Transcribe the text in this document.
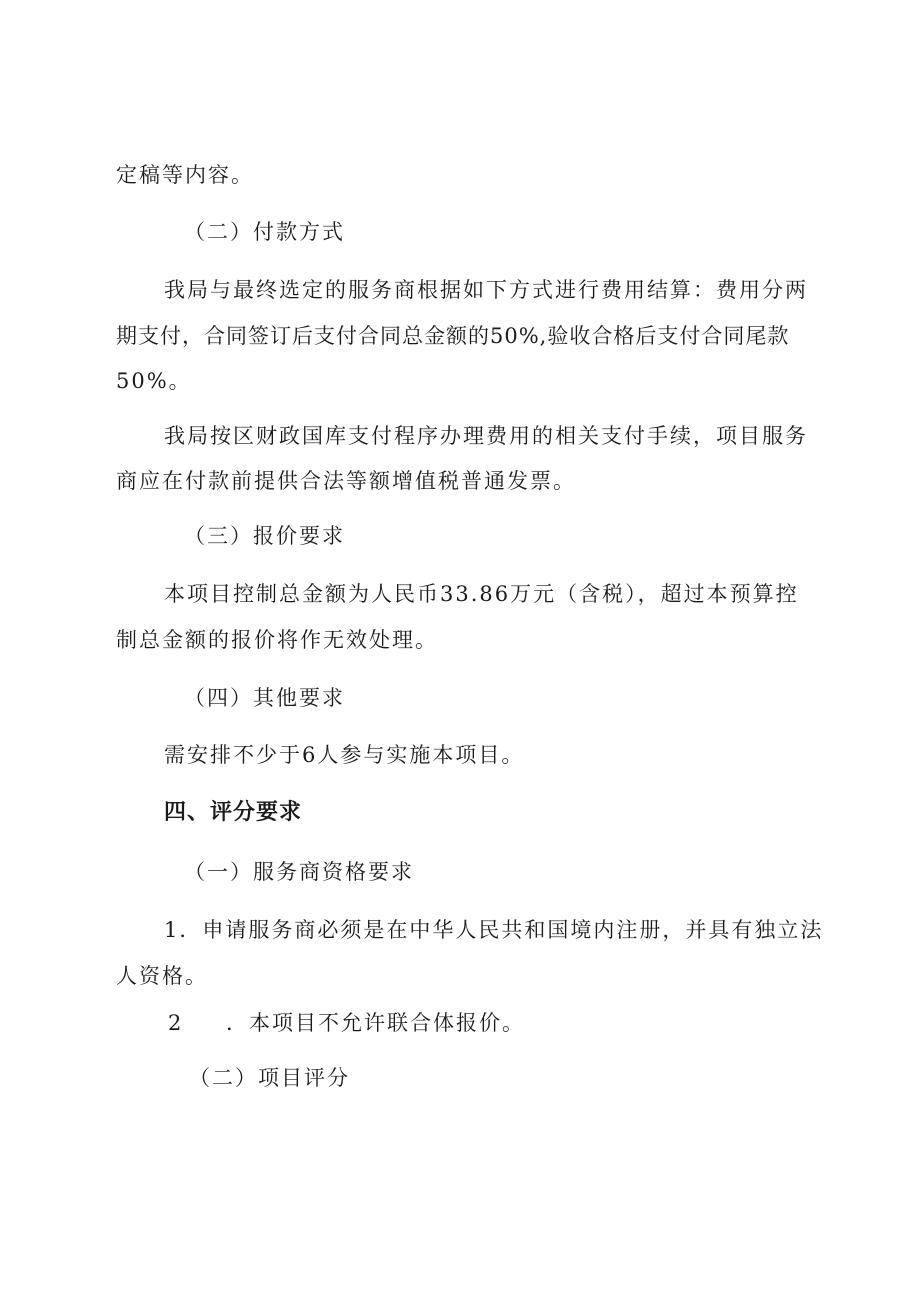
定稿等内容。
（二）付款方式
我局与最终选定的服务商根据如下方式进行费用结算：费用分两
期支付，合同签订后支付合同总金额的50%,验收合格后支付合同尾款
50%。
我局按区财政国库支付程序办理费用的相关支付手续，项目服务
商应在付款前提供合法等额增值税普通发票。
（三）报价要求
本项目控制总金额为人民币33.86万元（含税），超过本预算控
制总金额的报价将作无效处理。
（四）其他要求
需安排不少于6人参与实施本项目。
四、评分要求
（一）服务商资格要求
1．申请服务商必须是在中华人民共和国境内注册，并具有独立法
人资格。
2 ．本项目不允许联合体报价。
（二）项目评分
